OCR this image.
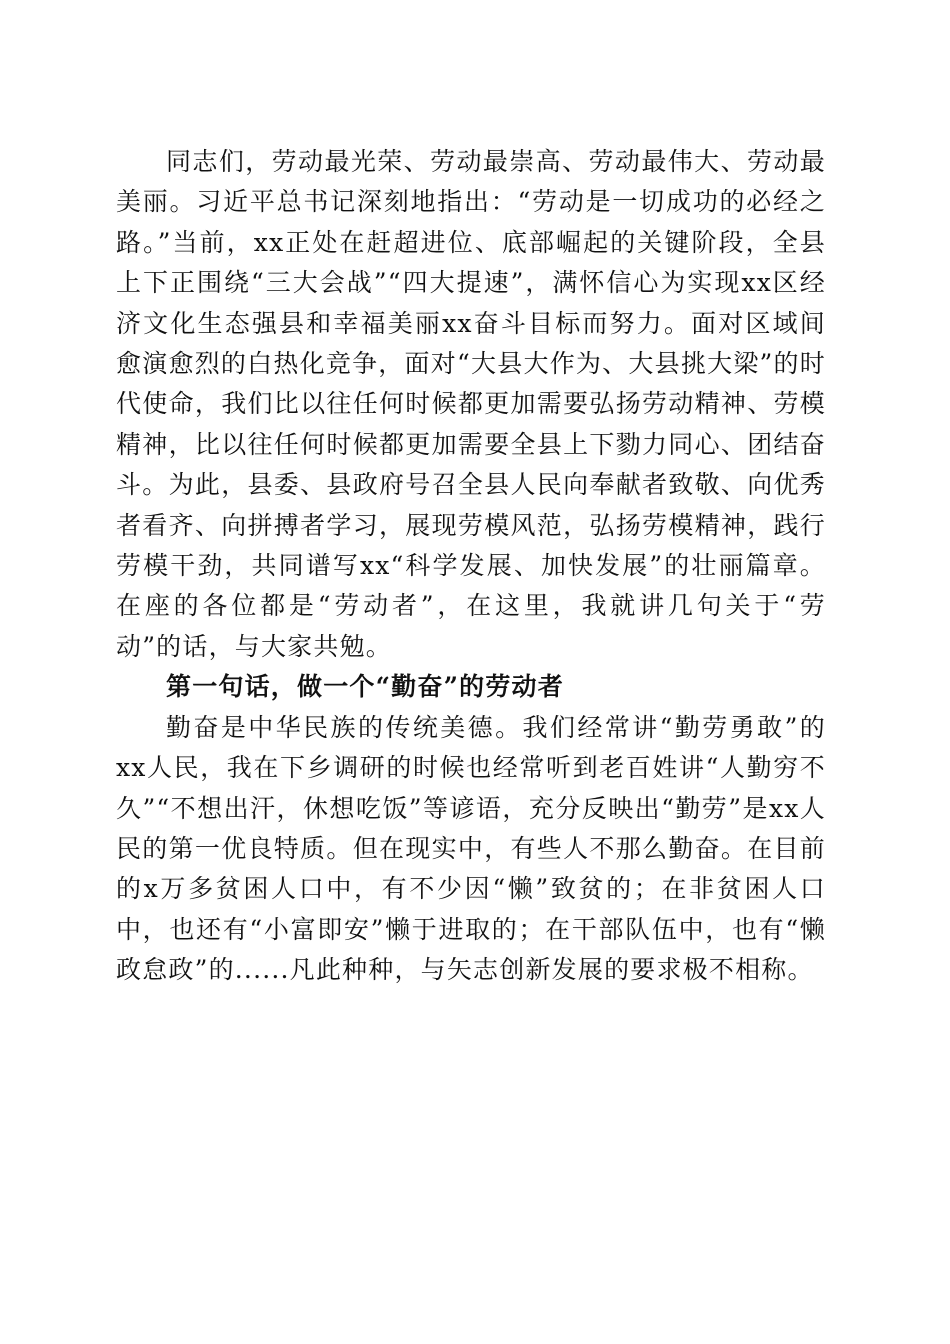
同志们，劳动最光荣、劳动最崇高、劳动最伟大、劳动最美丽。习近平总书记深刻地指出：“劳动是一切成功的必经之路。”当前，xx正处在赶超进位、底部崛起的关键阶段，全县上下正围绕“三大会战”“四大提速”，满怀信心为实现xx区经济文化生态强县和幸福美丽xx奋斗目标而努力。面对区域间愈演愈烈的白热化竞争，面对“大县大作为、大县挑大梁”的时代使命，我们比以往任何时候都更加需要弘扬劳动精神、劳模精神，比以往任何时候都更加需要全县上下勠力同心、团结奋斗。为此，县委、县政府号召全县人民向奉献者致敬、向优秀者看齐、向拼搏者学习，展现劳模风范，弘扬劳模精神，践行劳模干劲，共同谱写xx“科学发展、加快发展”的壮丽篇章。在座的各位都是“劳动者”，在这里，我就讲几句关于“劳动”的话，与大家共勉。

第一句话，做一个“勤奋”的劳动者

勤奋是中华民族的传统美德。我们经常讲“勤劳勇敢”的xx人民，我在下乡调研的时候也经常听到老百姓讲“人勤穷不久”“不想出汗，休想吃饭”等谚语，充分反映出“勤劳”是xx人民的第一优良特质。但在现实中，有些人不那么勤奋。在目前的x万多贫困人口中，有不少因“懒”致贫的；在非贫困人口中，也还有“小富即安”懒于进取的；在干部队伍中，也有“懒政怠政”的......凡此种种，与矢志创新发展的要求极不相称。
